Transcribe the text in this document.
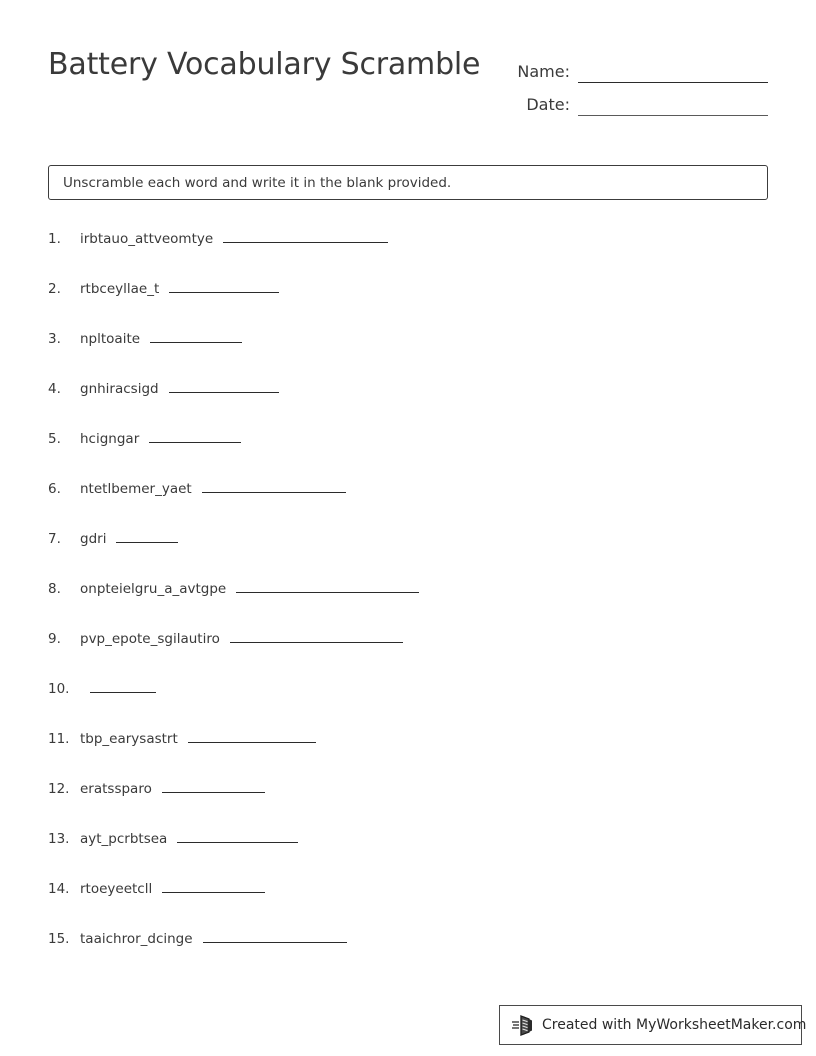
Battery Vocabulary Scramble Name:
Date:
Unscramble each word and write it in the blank provided.
1.	irbtauo_attveomtye
2.	rtbceyllae_t
3.	npltoaite
4.	gnhiracsigd
5.	hcigngar
6.	ntetlbemer_yaet
7.	gdri
8.	onpteielgru_a_avtgpe
9.	pvp_epote_sgilautiro
10.
11. tbp_earysastrt
12. eratssparo
13. ayt_pcrbtsea
14. rtoeyeetcll
15. taaichror_dcinge
Created with MyWorksheetMaker.com
